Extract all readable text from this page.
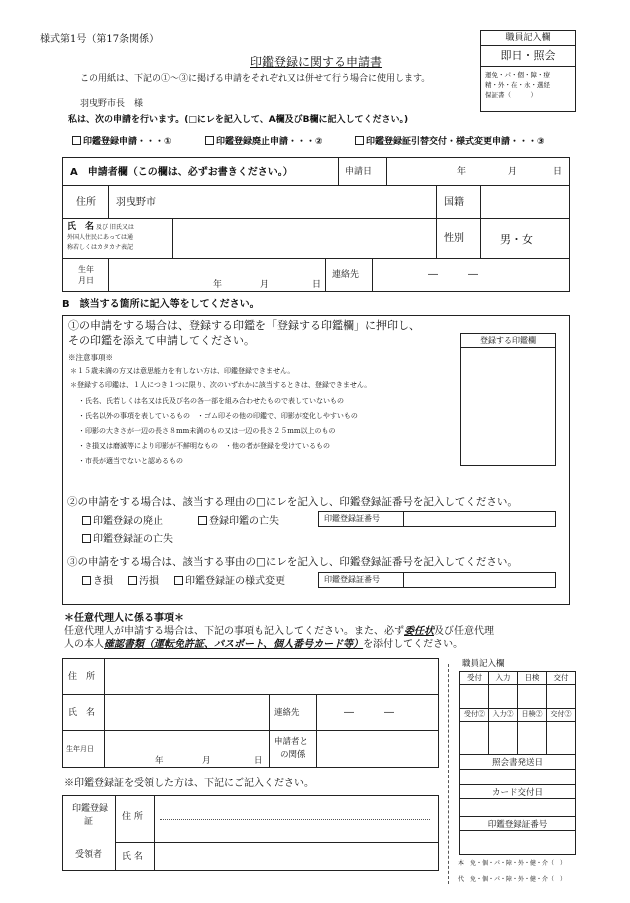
様式第1号（第17条関係）
印鑑登録に関する申請書
この用紙は、下記の①〜③に掲げる申請をそれぞれ又は併せて行う場合に使用します。
羽曳野市長　様
私は、次の申請を行います。(□にレを記入して、A欄及びB欄に記入してください。)
印鑑登録申請・・・①	印鑑登録廃止申請・・・②	印鑑登録証引替交付・様式変更申請・・・③
職員記入欄
即日・照会
運免・パ・個・障・療
精・外・在・永・選経
保証書（　　　）
A　申請者欄（この欄は、必ずお書きください。）	申請日	年	月	日
住所 羽曳野市	国籍
氏　名 及び 旧氏又は
外国人住民にあっては通
称若しくはカタカナ表記
性別	男・女
生年
月日	年	月	日
連絡先	―　　　―
B　該当する箇所に記入等をしてください。
①の申請をする場合は、登録する印鑑を「登録する印鑑欄」に押印し、
その印鑑を添えて申請してください。	登録する印鑑欄
※注意事項※
＊１５歳未満の方又は意思能力を有しない方は、印鑑登録できません。
＊登録する印鑑は、１人につき１つに限り、次のいずれかに該当するときは、登録できません。
・氏名、氏若しくは名又は氏及び名の各一部を組み合わせたもので表していないもの
・氏名以外の事項を表しているもの　・ゴム印その他の印鑑で、印影が変化しやすいもの
・印影の大きさが一辺の長さ８mm未満のもの又は一辺の長さ２５mm以上のもの
・き損又は磨滅等により印影が不鮮明なもの　・他の者が登録を受けているもの
・市長が適当でないと認めるもの
②の申請をする場合は、該当する理由の□にレを記入し、印鑑登録証番号を記入してください。
印鑑登録の廃止	登録印鑑の亡失
印鑑登録証の亡失
印鑑登録証番号
③の申請をする場合は、該当する事由の□にレを記入し、印鑑登録証番号を記入してください。
き損	汚損	印鑑登録証の様式変更	印鑑登録証番号
＊任意代理人に係る事項＊
任意代理人が申請する場合は、下記の事項も記入してください。また、必ず委任状及び任意代理
人の本人確認書類（運転免許証、パスポート、個人番号カード等）を添付してください。
住　所
氏　名	連絡先	―　　　―
生年月日
年	月	日
申請者と
の関係
※印鑑登録証を受領した方は、下記にご記入ください。
印鑑登録
証
受領者
住 所
氏 名
職員記入欄
受付	入力	日検	交付
受付②	入力②	日検②	交付②
照会書発送日
カード交付日
印鑑登録証番号
本　免・個・パ・障・外・健・介（　）
代　免・個・パ・障・外・健・介（　）
